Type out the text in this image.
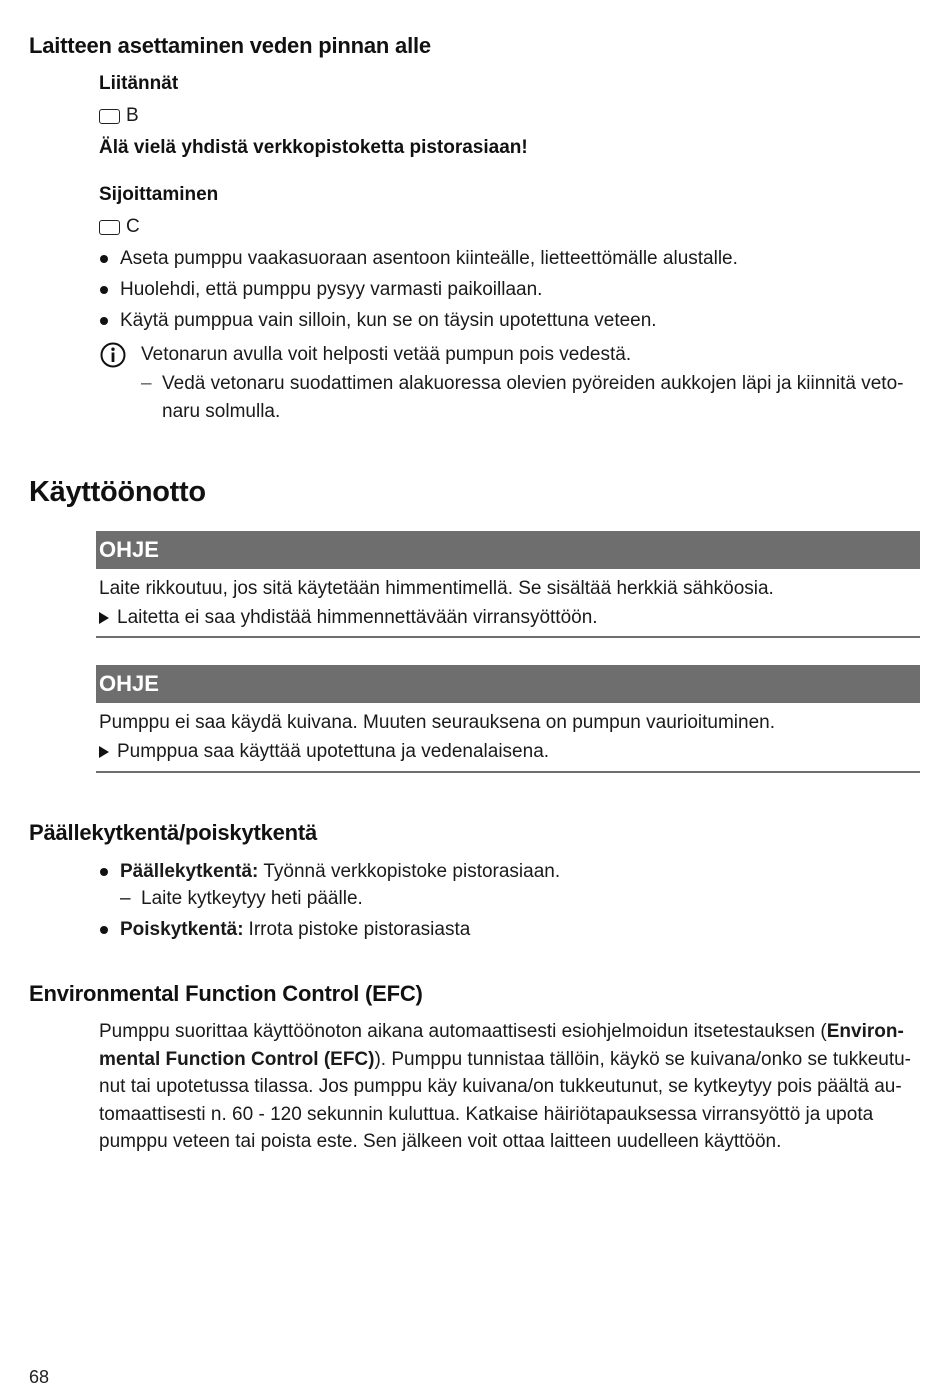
Laitteen asettaminen veden pinnan alle
Liitännät
B
Älä vielä yhdistä verkkopistoketta pistorasiaan!
Sijoittaminen
C
Aseta pumppu vaakasuoraan asentoon kiinteälle, lietteettömälle alustalle.
Huolehdi, että pumppu pysyy varmasti paikoillaan.
Käytä pumppua vain silloin, kun se on täysin upotettuna veteen.
Vetonarun avulla voit helposti vetää pumpun pois vedestä.
– Vedä vetonaru suodattimen alakuoressa olevien pyöreiden aukkojen läpi ja kiinnitä veto-
naru solmulla.
Käyttöönotto
OHJE
Laite rikkoutuu, jos sitä käytetään himmentimellä. Se sisältää herkkiä sähköosia.
Laitetta ei saa yhdistää himmennettävään virransyöttöön.
OHJE
Pumppu ei saa käydä kuivana. Muuten seurauksena on pumpun vaurioituminen.
Pumppua saa käyttää upotettuna ja vedenalaisena.
Päällekytkentä/poiskytkentä
Päällekytkentä: Työnnä verkkopistoke pistorasiaan.
– Laite kytkeytyy heti päälle.
Poiskytkentä: Irrota pistoke pistorasiasta
Environmental Function Control (EFC)
Pumppu suorittaa käyttöönoton aikana automaattisesti esiohjelmoidun itsetestauksen (Environ-
mental Function Control (EFC)). Pumppu tunnistaa tällöin, käykö se kuivana/onko se tukkeutu-
nut tai upotetussa tilassa. Jos pumppu käy kuivana/on tukkeutunut, se kytkeytyy pois päältä au-
tomaattisesti n. 60 - 120 sekunnin kuluttua. Katkaise häiriötapauksessa virransyöttö ja upota
pumppu veteen tai poista este. Sen jälkeen voit ottaa laitteen uudelleen käyttöön.
68
